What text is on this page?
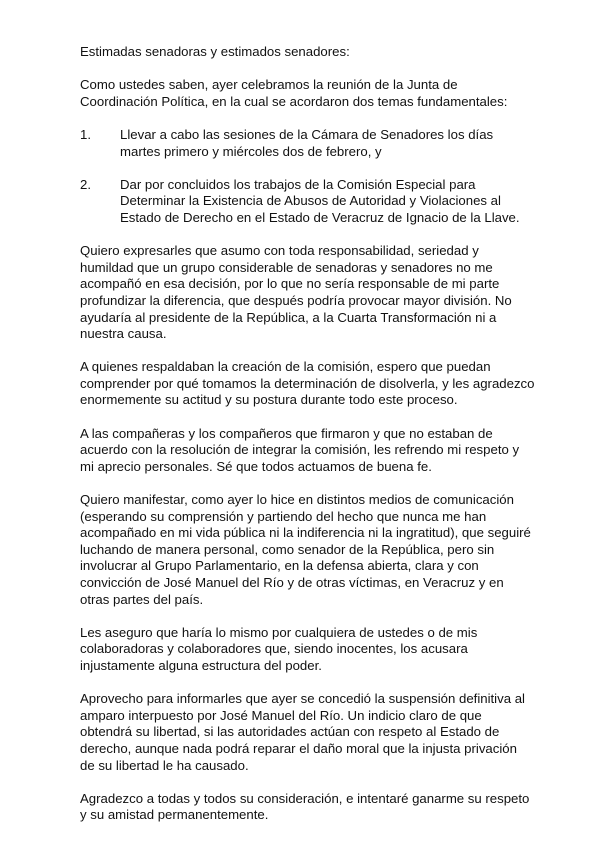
Estimadas senadoras y estimados senadores:

Como ustedes saben, ayer celebramos la reunión de la Junta de Coordinación Política, en la cual se acordaron dos temas fundamentales:

1.	Llevar a cabo las sesiones de la Cámara de Senadores los días martes primero y miércoles dos de febrero, y
2.	Dar por concluidos los trabajos de la Comisión Especial para Determinar la Existencia de Abusos de Autoridad y Violaciones al Estado de Derecho en el Estado de Veracruz de Ignacio de la Llave.

Quiero expresarles que asumo con toda responsabilidad, seriedad y humildad que un grupo considerable de senadoras y senadores no me acompañó en esa decisión, por lo que no sería responsable de mi parte profundizar la diferencia, que después podría provocar mayor división. No ayudaría al presidente de la República, a la Cuarta Transformación ni a nuestra causa.

A quienes respaldaban la creación de la comisión, espero que puedan comprender por qué tomamos la determinación de disolverla, y les agradezco enormemente su actitud y su postura durante todo este proceso.

A las compañeras y los compañeros que firmaron y que no estaban de acuerdo con la resolución de integrar la comisión, les refrendo mi respeto y mi aprecio personales. Sé que todos actuamos de buena fe.

Quiero manifestar, como ayer lo hice en distintos medios de comunicación (esperando su comprensión y partiendo del hecho que nunca me han acompañado en mi vida pública ni la indiferencia ni la ingratitud), que seguiré luchando de manera personal, como senador de la República, pero sin involucrar al Grupo Parlamentario, en la defensa abierta, clara y con convicción de José Manuel del Río y de otras víctimas, en Veracruz y en otras partes del país.

Les aseguro que haría lo mismo por cualquiera de ustedes o de mis colaboradoras y colaboradores que, siendo inocentes, los acusara injustamente alguna estructura del poder.

Aprovecho para informarles que ayer se concedió la suspensión definitiva al amparo interpuesto por José Manuel del Río. Un indicio claro de que obtendrá su libertad, si las autoridades actúan con respeto al Estado de derecho, aunque nada podrá reparar el daño moral que la injusta privación de su libertad le ha causado.

Agradezco a todas y todos su consideración, e intentaré ganarme su respeto y su amistad permanentemente.
